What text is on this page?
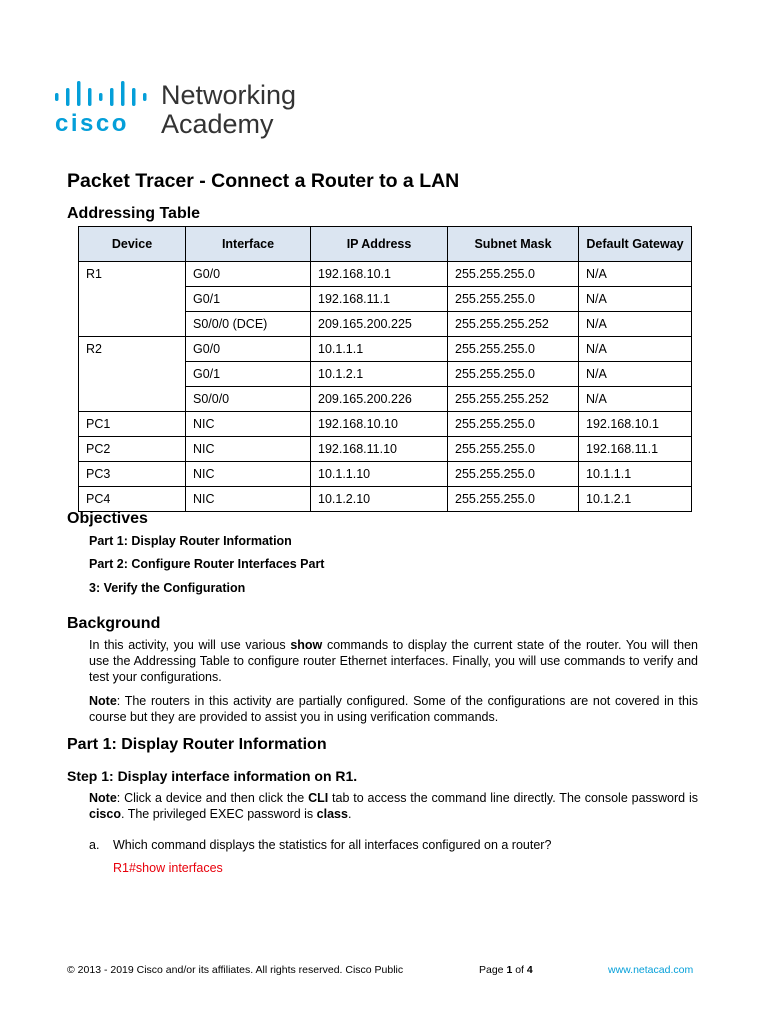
cisco
Networking
Academy
Packet Tracer - Connect a Router to a LAN
Addressing Table
Device	Interface	IP Address	Subnet Mask	Default Gateway
R1	G0/0	192.168.10.1	255.255.255.0	N/A
	G0/1	192.168.11.1	255.255.255.0	N/A
	S0/0/0 (DCE)	209.165.200.225	255.255.255.252	N/A
R2	G0/0	10.1.1.1	255.255.255.0	N/A
	G0/1	10.1.2.1	255.255.255.0	N/A
	S0/0/0	209.165.200.226	255.255.255.252	N/A
PC1	NIC	192.168.10.10	255.255.255.0	192.168.10.1
PC2	NIC	192.168.11.10	255.255.255.0	192.168.11.1
PC3	NIC	10.1.1.10	255.255.255.0	10.1.1.1
PC4	NIC	10.1.2.10	255.255.255.0	10.1.2.1
Objectives
Part 1: Display Router Information
Part 2: Configure Router Interfaces Part
3: Verify the Configuration
Background

In this activity, you will use various show commands to display the current state of the router. You will then use the Addressing Table to configure router Ethernet interfaces. Finally, you will use commands to verify and test your configurations.

Note: The routers in this activity are partially configured. Some of the configurations are not covered in this course but they are provided to assist you in using verification commands.

Part 1: Display Router Information
Step 1: Display interface information on R1.

Note: Click a device and then click the CLI tab to access the command line directly. The console password is cisco. The privileged EXEC password is class.

a. Which command displays the statistics for all interfaces configured on a router?
R1#show interfaces
© 2013 - 2019 Cisco and/or its affiliates. All rights reserved. Cisco Public	Page 1 of 4	www.netacad.com
